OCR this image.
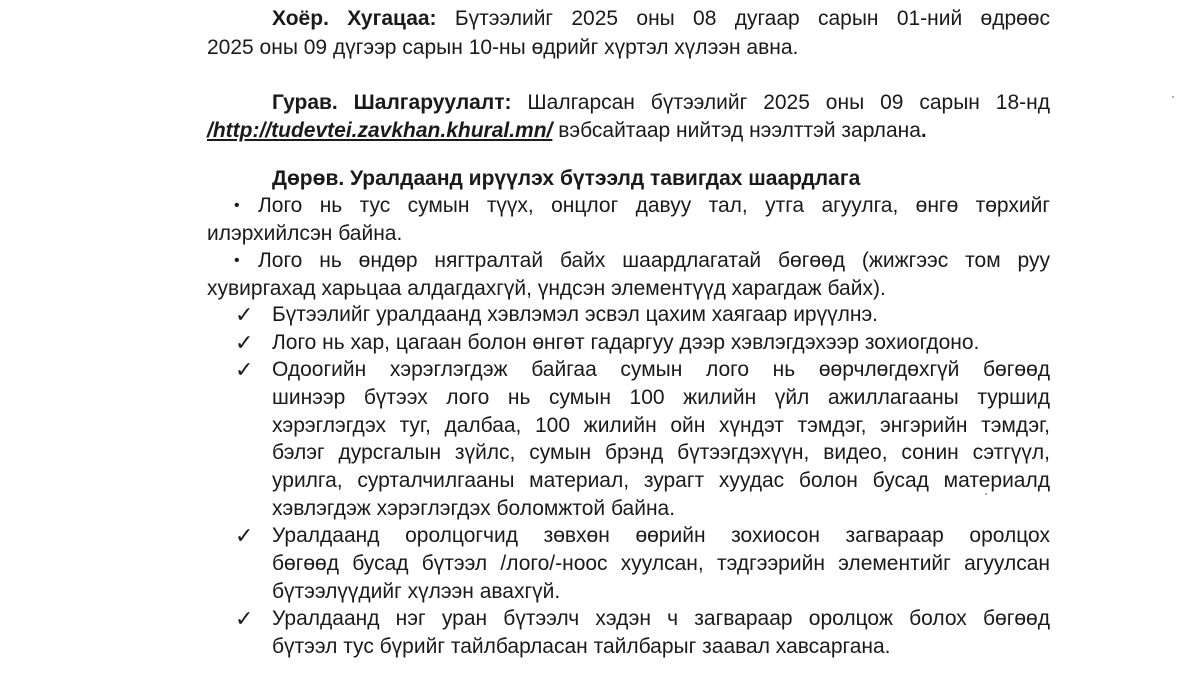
Хоёр. Хугацаа: Бүтээлийг 2025 оны 08 дугаар сарын 01-ний өдрөөс
2025 оны 09 дүгээр сарын 10-ны өдрийг хүртэл хүлээн авна.
Гурав. Шалгаруулалт: Шалгарсан бүтээлийг 2025 оны 09 сарын 18-нд
/http://tudevtei.zavkhan.khural.mn/ вэбсайтаар нийтэд нээлттэй зарлана.
Дөрөв. Уралдаанд ирүүлэх бүтээлд тавигдах шаардлага
• Лого нь тус сумын түүх, онцлог давуу тал, утга агуулга, өнгө төрхийг
илэрхийлсэн байна.
• Лого нь өндөр нягтралтай байх шаардлагатай бөгөөд (жижгээс том руу
хувиргахад харьцаа алдагдахгүй, үндсэн элементүүд харагдаж байх).
✓ Бүтээлийг уралдаанд хэвлэмэл эсвэл цахим хаягаар ирүүлнэ.
✓ Лого нь хар, цагаан болон өнгөт гадаргуу дээр хэвлэгдэхээр зохиогдоно.
✓ Одоогийн хэрэглэгдэж байгаа сумын лого нь өөрчлөгдөхгүй бөгөөд
шинээр бүтээх лого нь сумын 100 жилийн үйл ажиллагааны туршид
хэрэглэгдэх туг, далбаа, 100 жилийн ойн хүндэт тэмдэг, энгэрийн тэмдэг,
бэлэг дурсгалын зүйлс, сумын брэнд бүтээгдэхүүн, видео, сонин сэтгүүл,
урилга, сурталчилгааны материал, зурагт хуудас болон бусад материалд
хэвлэгдэж хэрэглэгдэх боломжтой байна.
✓ Уралдаанд оролцогчид зөвхөн өөрийн зохиосон загвараар оролцох
бөгөөд бусад бүтээл /лого/-ноос хуулсан, тэдгээрийн элементийг агуулсан
бүтээлүүдийг хүлээн авахгүй.
✓ Уралдаанд нэг уран бүтээлч хэдэн ч загвараар оролцож болох бөгөөд
бүтээл тус бүрийг тайлбарласан тайлбарыг заавал хавсаргана.
